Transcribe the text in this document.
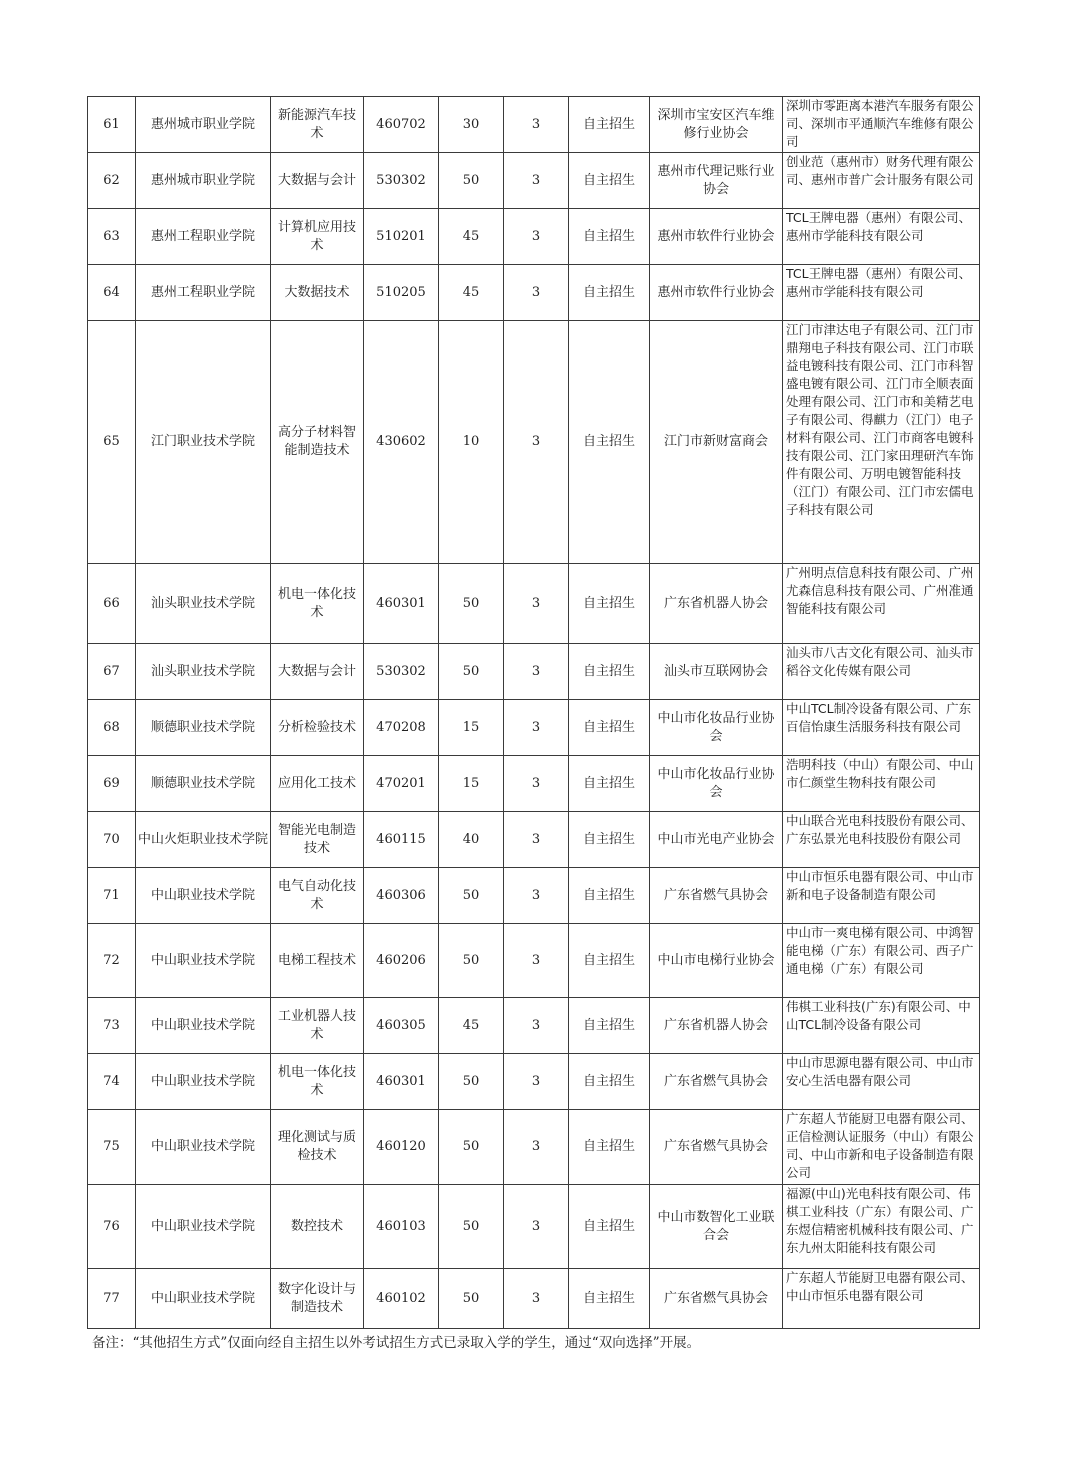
61	惠州城市职业学院	新能源汽车技术	460702	30	3	自主招生	深圳市宝安区汽车维修行业协会	深圳市零距离本港汽车服务有限公司、深圳市平通顺汽车维修有限公司
62	惠州城市职业学院	大数据与会计	530302	50	3	自主招生	惠州市代理记账行业协会	创业范（惠州市）财务代理有限公司、惠州市普广会计服务有限公司
63	惠州工程职业学院	计算机应用技术	510201	45	3	自主招生	惠州市软件行业协会	TCL王牌电器（惠州）有限公司、惠州市学能科技有限公司
64	惠州工程职业学院	大数据技术	510205	45	3	自主招生	惠州市软件行业协会	TCL王牌电器（惠州）有限公司、惠州市学能科技有限公司
65	江门职业技术学院	高分子材料智能制造技术	430602	10	3	自主招生	江门市新财富商会	江门市津达电子有限公司、江门市鼎翔电子科技有限公司、江门市联益电镀科技有限公司、江门市科智盛电镀有限公司、江门市全顺表面处理有限公司、江门市和美精艺电子有限公司、得麒力（江门）电子材料有限公司、江门市商客电镀科技有限公司、江门家田理研汽车饰件有限公司、万明电镀智能科技（江门）有限公司、江门市宏儒电子科技有限公司
66	汕头职业技术学院	机电一体化技术	460301	50	3	自主招生	广东省机器人协会	广州明点信息科技有限公司、广州尤森信息科技有限公司、广州准通智能科技有限公司
67	汕头职业技术学院	大数据与会计	530302	50	3	自主招生	汕头市互联网协会	汕头市八古文化有限公司、汕头市稻谷文化传媒有限公司
68	顺德职业技术学院	分析检验技术	470208	15	3	自主招生	中山市化妆品行业协会	中山TCL制冷设备有限公司、广东百信怡康生活服务科技有限公司
69	顺德职业技术学院	应用化工技术	470201	15	3	自主招生	中山市化妆品行业协会	浩明科技（中山）有限公司、中山市仁颜堂生物科技有限公司
70	中山火炬职业技术学院	智能光电制造技术	460115	40	3	自主招生	中山市光电产业协会	中山联合光电科技股份有限公司、广东弘景光电科技股份有限公司
71	中山职业技术学院	电气自动化技术	460306	50	3	自主招生	广东省燃气具协会	中山市恒乐电器有限公司、中山市新和电子设备制造有限公司
72	中山职业技术学院	电梯工程技术	460206	50	3	自主招生	中山市电梯行业协会	中山市一爽电梯有限公司、中鸿智能电梯（广东）有限公司、西子广通电梯（广东）有限公司
73	中山职业技术学院	工业机器人技术	460305	45	3	自主招生	广东省机器人协会	伟棋工业科技(广东)有限公司、中山TCL制冷设备有限公司
74	中山职业技术学院	机电一体化技术	460301	50	3	自主招生	广东省燃气具协会	中山市思源电器有限公司、中山市安心生活电器有限公司
75	中山职业技术学院	理化测试与质检技术	460120	50	3	自主招生	广东省燃气具协会	广东超人节能厨卫电器有限公司、正信检测认证服务（中山）有限公司、中山市新和电子设备制造有限公司
76	中山职业技术学院	数控技术	460103	50	3	自主招生	中山市数智化工业联合会	福源(中山)光电科技有限公司、伟棋工业科技（广东）有限公司、广东煜信精密机械科技有限公司、广东九州太阳能科技有限公司
77	中山职业技术学院	数字化设计与制造技术	460102	50	3	自主招生	广东省燃气具协会	广东超人节能厨卫电器有限公司、中山市恒乐电器有限公司
备注：“其他招生方式”仅面向经自主招生以外考试招生方式已录取入学的学生，通过“双向选择”开展。
